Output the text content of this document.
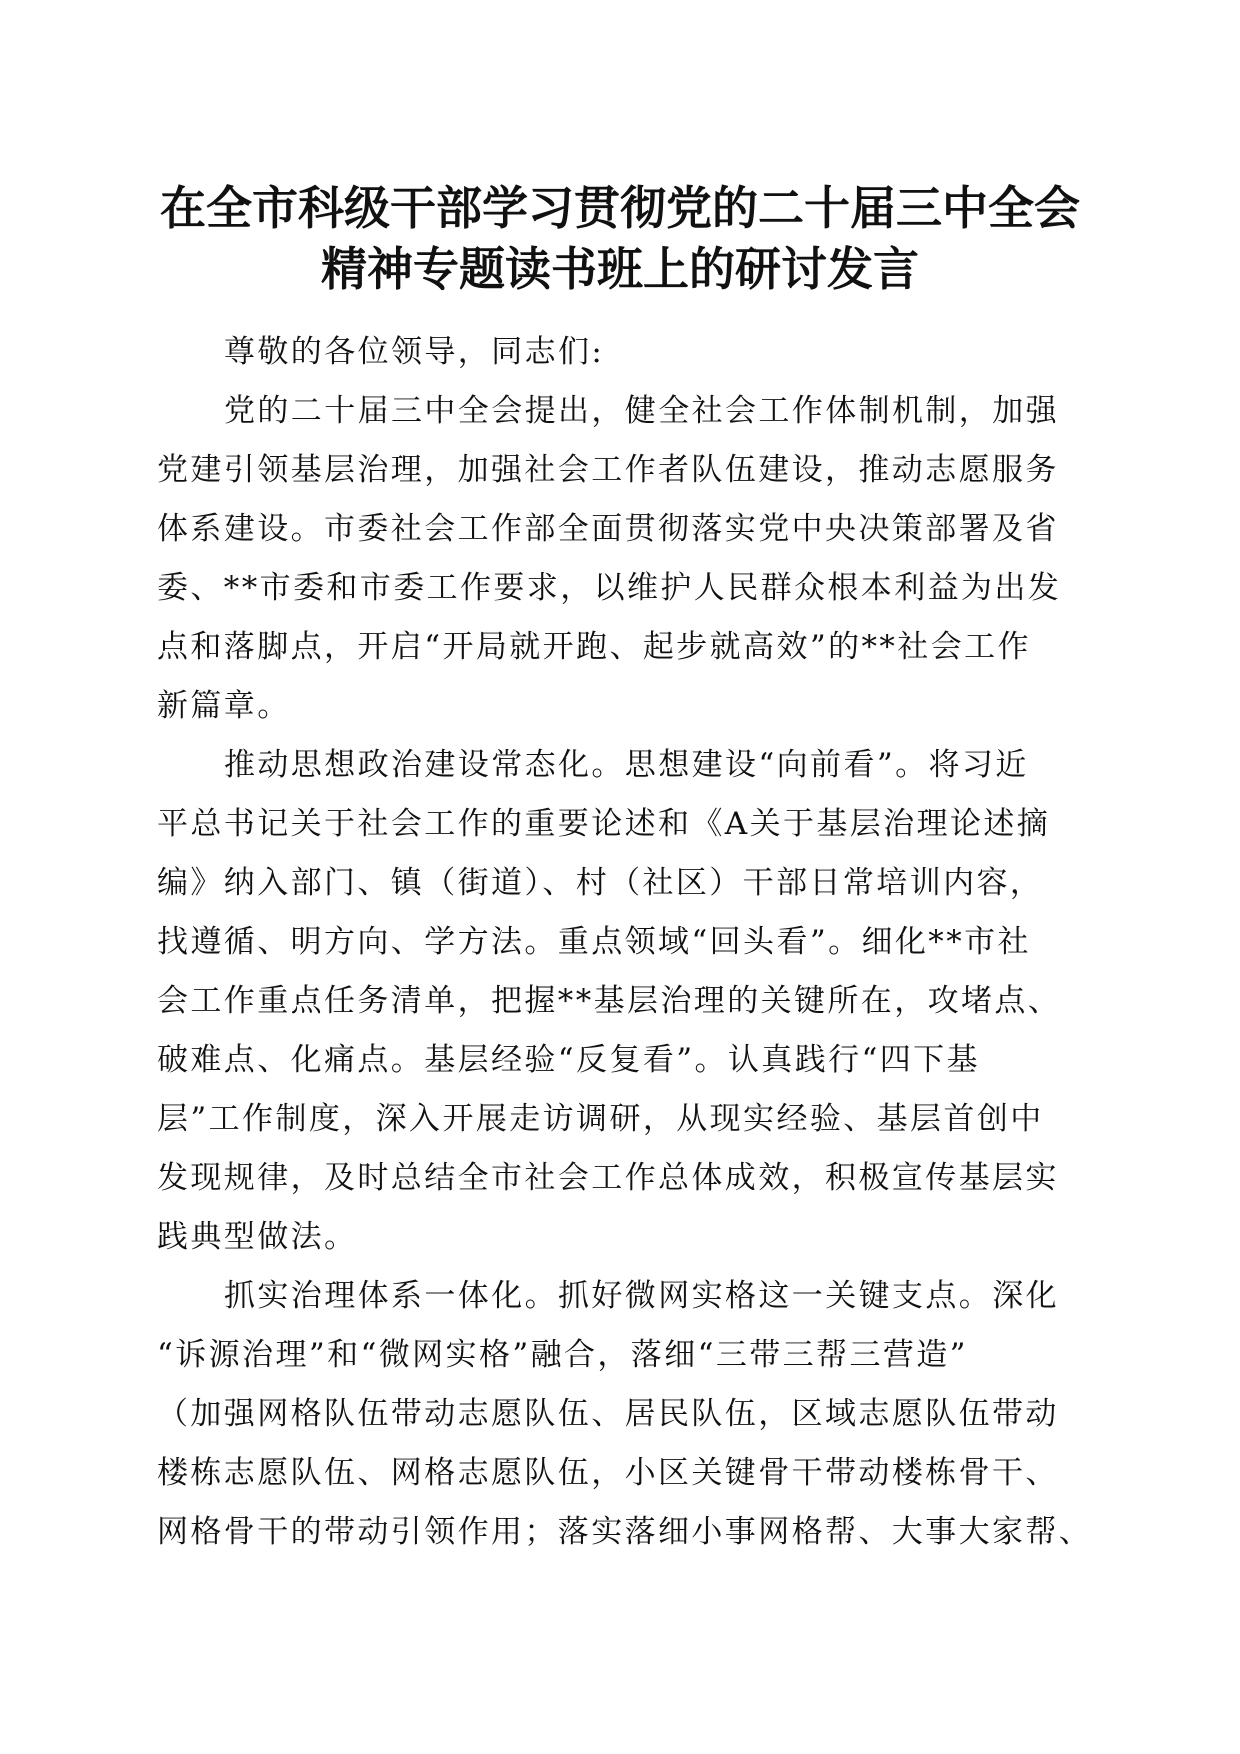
在全市科级干部学习贯彻党的二十届三中全会
精神专题读书班上的研讨发言
尊敬的各位领导，同志们:
党的二十届三中全会提出，健全社会工作体制机制，加强
党建引领基层治理，加强社会工作者队伍建设，推动志愿服务
体系建设。市委社会工作部全面贯彻落实党中央决策部署及省
委、**市委和市委工作要求，以维护人民群众根本利益为出发
点和落脚点，开启“开局就开跑、起步就高效”的**社会工作
新篇章。
推动思想政治建设常态化。思想建设“向前看”。将习近
平总书记关于社会工作的重要论述和《A关于基层治理论述摘
编》纳入部门、镇（街道）、村（社区）干部日常培训内容，
找遵循、明方向、学方法。重点领域“回头看”。细化**市社
会工作重点任务清单，把握**基层治理的关键所在，攻堵点、
破难点、化痛点。基层经验“反复看”。认真践行“四下基
层”工作制度，深入开展走访调研，从现实经验、基层首创中
发现规律，及时总结全市社会工作总体成效，积极宣传基层实
践典型做法。
抓实治理体系一体化。抓好微网实格这一关键支点。深化
“诉源治理”和“微网实格”融合，落细“三带三帮三营造”
（加强网格队伍带动志愿队伍、居民队伍，区域志愿队伍带动
楼栋志愿队伍、网格志愿队伍，小区关键骨干带动楼栋骨干、
网格骨干的带动引领作用；落实落细小事网格帮、大事大家帮、
